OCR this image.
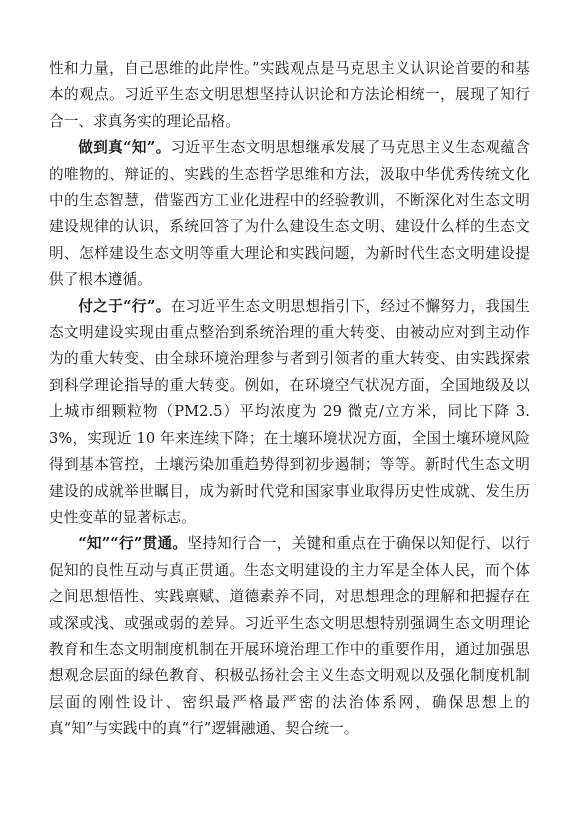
性和力量，自己思维的此岸性。”实践观点是马克思主义认识论首要的和基本的观点。习近平生态文明思想坚持认识论和方法论相统一，展现了知行合一、求真务实的理论品格。

做到真“知”。习近平生态文明思想继承发展了马克思主义生态观蕴含的唯物的、辩证的、实践的生态哲学思维和方法，汲取中华优秀传统文化中的生态智慧，借鉴西方工业化进程中的经验教训，不断深化对生态文明建设规律的认识，系统回答了为什么建设生态文明、建设什么样的生态文明、怎样建设生态文明等重大理论和实践问题，为新时代生态文明建设提供了根本遵循。

付之于“行”。在习近平生态文明思想指引下，经过不懈努力，我国生态文明建设实现由重点整治到系统治理的重大转变、由被动应对到主动作为的重大转变、由全球环境治理参与者到引领者的重大转变、由实践探索到科学理论指导的重大转变。例如，在环境空气状况方面，全国地级及以上城市细颗粒物（PM2.5）平均浓度为 29 微克/立方米，同比下降 3.3%，实现近 10 年来连续下降；在土壤环境状况方面，全国土壤环境风险得到基本管控，土壤污染加重趋势得到初步遏制；等等。新时代生态文明建设的成就举世瞩目，成为新时代党和国家事业取得历史性成就、发生历史性变革的显著标志。

“知”“行”贯通。坚持知行合一，关键和重点在于确保以知促行、以行促知的良性互动与真正贯通。生态文明建设的主力军是全体人民，而个体之间思想悟性、实践禀赋、道德素养不同，对思想理念的理解和把握存在或深或浅、或强或弱的差异。习近平生态文明思想特别强调生态文明理论教育和生态文明制度机制在开展环境治理工作中的重要作用，通过加强思想观念层面的绿色教育、积极弘扬社会主义生态文明观以及强化制度机制层面的刚性设计、密织最严格最严密的法治体系网，确保思想上的真“知”与实践中的真“行”逻辑融通、契合统一。
